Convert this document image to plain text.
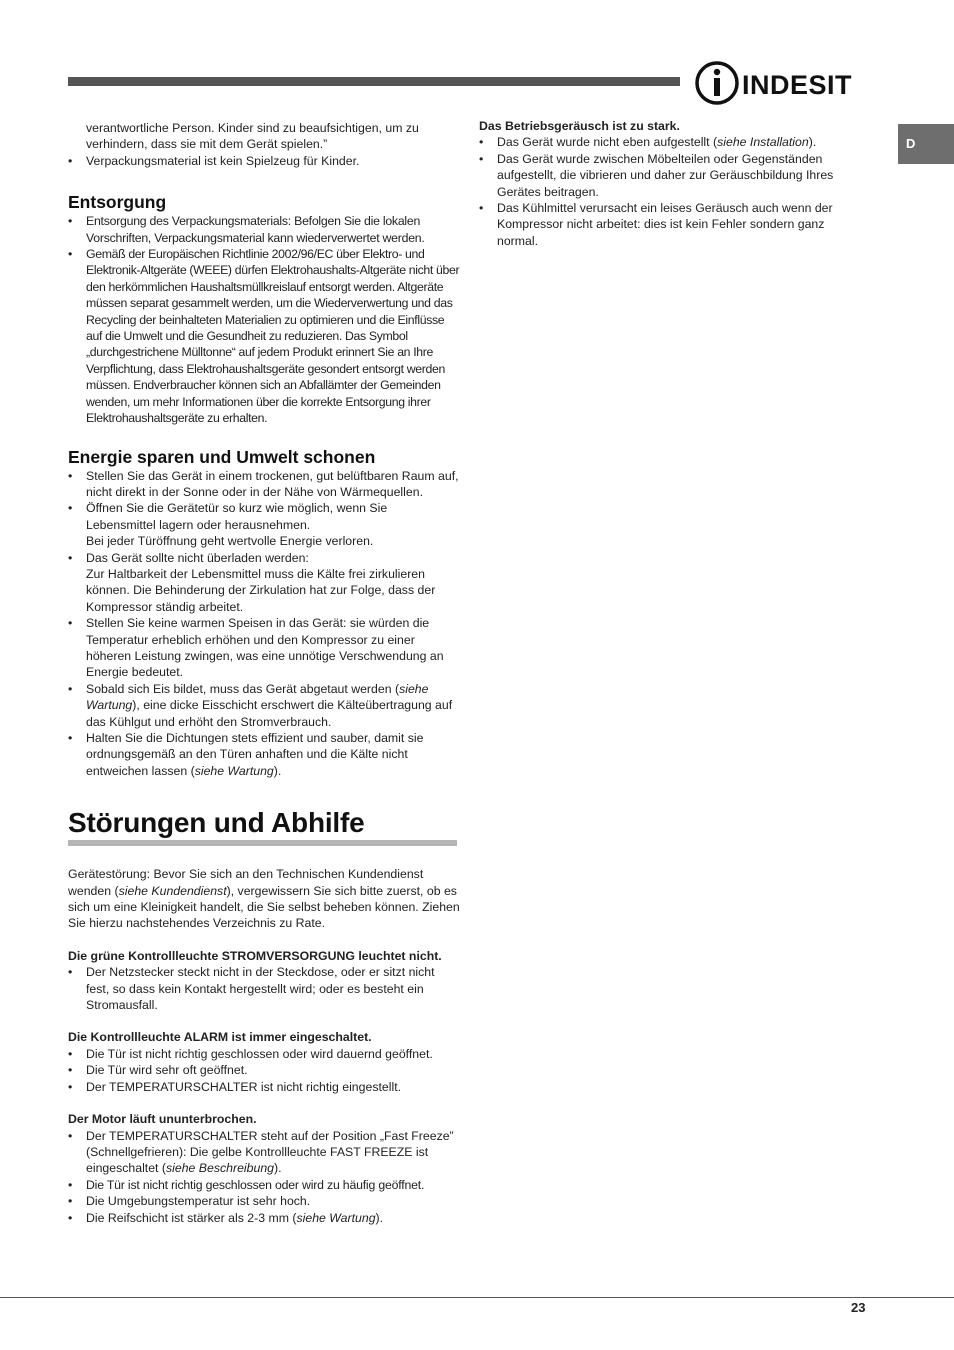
INDESIT
D

verantwortliche Person. Kinder sind zu beaufsichtigen, um zu verhindern, dass sie mit dem Gerät spielen.”

• Verpackungsmaterial ist kein Spielzeug für Kinder.
Entsorgung
• Entsorgung des Verpackungsmaterials: Befolgen Sie die lokalen Vorschriften, Verpackungsmaterial kann wiederverwertet werden.
• Gemäß der Europäischen Richtlinie 2002/96/EC über Elektro- und Elektronik-Altgeräte (WEEE) dürfen Elektrohaushalts-Altgeräte nicht über den herkömmlichen Haushaltsmüllkreislauf entsorgt werden. Altgeräte müssen separat gesammelt werden, um die Wiederverwertung und das Recycling der beinhalteten Materialien zu optimieren und die Einflüsse auf die Umwelt und die Gesundheit zu reduzieren. Das Symbol „durchgestrichene Mülltonne“ auf jedem Produkt erinnert Sie an Ihre Verpflichtung, dass Elektrohaushaltsgeräte gesondert entsorgt werden müssen. Endverbraucher können sich an Abfallämter der Gemeinden wenden, um mehr Informationen über die korrekte Entsorgung ihrer Elektrohaushaltsgeräte zu erhalten.
Energie sparen und Umwelt schonen
• Stellen Sie das Gerät in einem trockenen, gut belüftbaren Raum auf, nicht direkt in der Sonne oder in der Nähe von Wärmequellen.
• Öffnen Sie die Gerätetür so kurz wie möglich, wenn Sie Lebensmittel lagern oder herausnehmen.
Bei jeder Türöffnung geht wertvolle Energie verloren.
• Das Gerät sollte nicht überladen werden:
Zur Haltbarkeit der Lebensmittel muss die Kälte frei zirkulieren können. Die Behinderung der Zirkulation hat zur Folge, dass der Kompressor ständig arbeitet.
• Stellen Sie keine warmen Speisen in das Gerät: sie würden die Temperatur erheblich erhöhen und den Kompressor zu einer höheren Leistung zwingen, was eine unnötige Verschwendung an Energie bedeutet.
• Sobald sich Eis bildet, muss das Gerät abgetaut werden (siehe Wartung), eine dicke Eisschicht erschwert die Kälteübertragung auf das Kühlgut und erhöht den Stromverbrauch.
• Halten Sie die Dichtungen stets effizient und sauber, damit sie ordnungsgemäß an den Türen anhaften und die Kälte nicht entweichen lassen (siehe Wartung).
Störungen und Abhilfe

Gerätestörung: Bevor Sie sich an den Technischen Kundendienst wenden (siehe Kundendienst), vergewissern Sie sich bitte zuerst, ob es sich um eine Kleinigkeit handelt, die Sie selbst beheben können. Ziehen Sie hierzu nachstehendes Verzeichnis zu Rate.

Die grüne Kontrollleuchte STROMVERSORGUNG leuchtet nicht.

• Der Netzstecker steckt nicht in der Steckdose, oder er sitzt nicht fest, so dass kein Kontakt hergestellt wird; oder es besteht ein Stromausfall.

Die Kontrollleuchte ALARM ist immer eingeschaltet.

• Die Tür ist nicht richtig geschlossen oder wird dauernd geöffnet.
• Die Tür wird sehr oft geöffnet.
• Der TEMPERATURSCHALTER ist nicht richtig eingestellt.

Der Motor läuft ununterbrochen.

• Der TEMPERATURSCHALTER steht auf der Position „Fast Freeze” (Schnellgefrieren): Die gelbe Kontrollleuchte FAST FREEZE ist eingeschaltet (siehe Beschreibung).
• Die Tür ist nicht richtig geschlossen oder wird zu häufig geöffnet.
• Die Umgebungstemperatur ist sehr hoch.
• Die Reifschicht ist stärker als 2-3 mm (siehe Wartung).

Das Betriebsgeräusch ist zu stark.

• Das Gerät wurde nicht eben aufgestellt (siehe Installation).
• Das Gerät wurde zwischen Möbelteilen oder Gegenständen aufgestellt, die vibrieren und daher zur Geräuschbildung Ihres Gerätes beitragen.
• Das Kühlmittel verursacht ein leises Geräusch auch wenn der Kompressor nicht arbeitet: dies ist kein Fehler sondern ganz normal.
23
